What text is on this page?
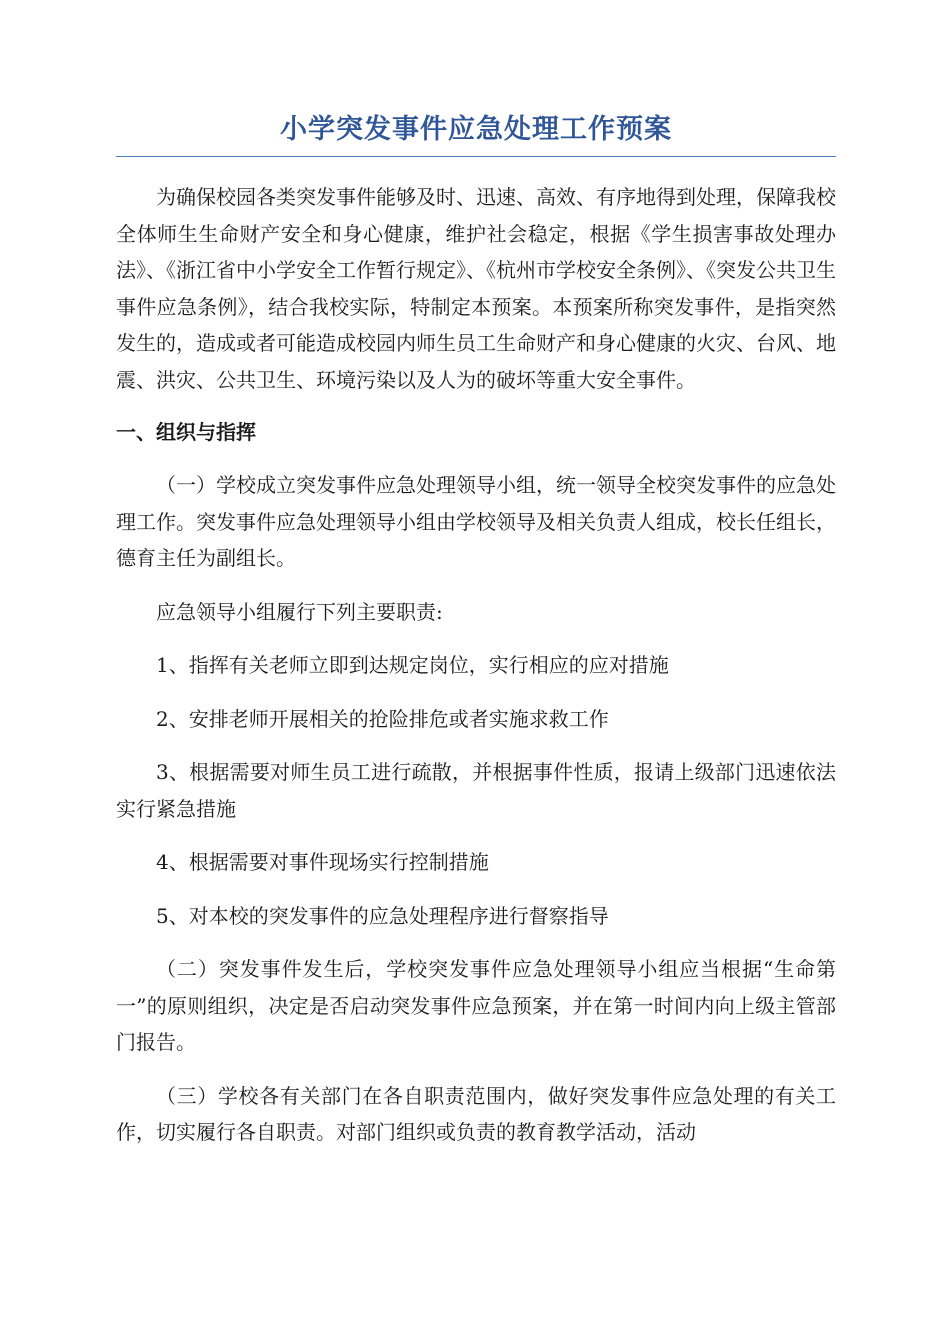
小学突发事件应急处理工作预案

为确保校园各类突发事件能够及时、迅速、高效、有序地得到处理，保障我校全体师生生命财产安全和身心健康，维护社会稳定，根据《学生损害事故处理办法》、《浙江省中小学安全工作暂行规定》、《杭州市学校安全条例》、《突发公共卫生事件应急条例》，结合我校实际，特制定本预案。本预案所称突发事件，是指突然发生的，造成或者可能造成校园内师生员工生命财产和身心健康的火灾、台风、地震、洪灾、公共卫生、环境污染以及人为的破坏等重大安全事件。

一、组织与指挥

（一）学校成立突发事件应急处理领导小组，统一领导全校突发事件的应急处理工作。突发事件应急处理领导小组由学校领导及相关负责人组成，校长任组长，德育主任为副组长。

应急领导小组履行下列主要职责:

1、指挥有关老师立即到达规定岗位，实行相应的应对措施

2、安排老师开展相关的抢险排危或者实施求救工作

3、根据需要对师生员工进行疏散，并根据事件性质，报请上级部门迅速依法实行紧急措施

4、根据需要对事件现场实行控制措施

5、对本校的突发事件的应急处理程序进行督察指导

（二）突发事件发生后，学校突发事件应急处理领导小组应当根据“生命第一”的原则组织，决定是否启动突发事件应急预案，并在第一时间内向上级主管部门报告。

（三）学校各有关部门在各自职责范围内，做好突发事件应急处理的有关工作，切实履行各自职责。对部门组织或负责的教育教学活动，活动
